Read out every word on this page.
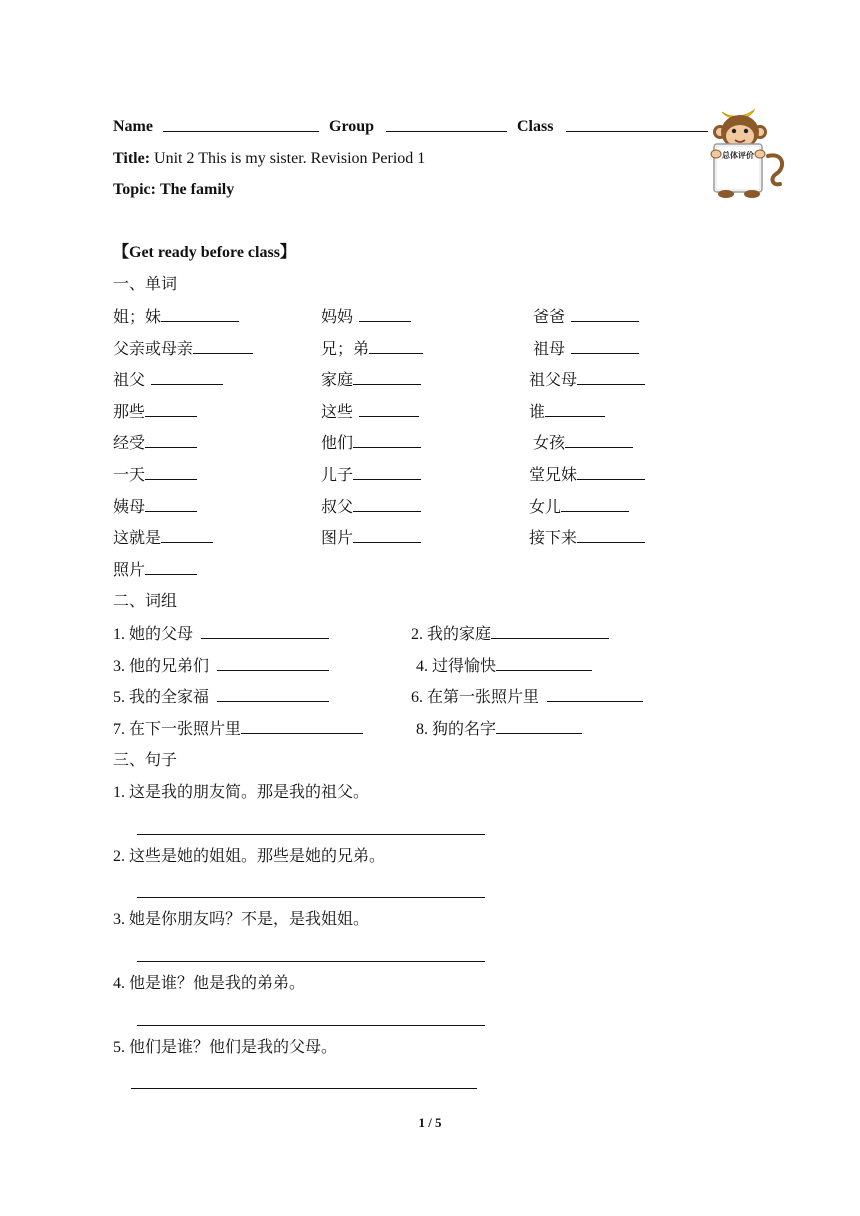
Name	Group	Class
Title: Unit 2 This is my sister. Revision Period 1
Topic: The family
总体评价
【Get ready before class】
一、单词
姐；妹	妈妈	爸爸
父亲或母亲	兄；弟	祖母
祖父	家庭	祖父母
那些	这些	谁
经受	他们	女孩
一天	儿子	堂兄妹
姨母	叔父	女儿
这就是	图片	接下来
照片
二、词组
1. 她的父母	2. 我的家庭
3. 他的兄弟们	4. 过得愉快
5. 我的全家福	6. 在第一张照片里
7. 在下一张照片里	8. 狗的名字
三、句子
1. 这是我的朋友简。那是我的祖父。
2. 这些是她的姐姐。那些是她的兄弟。
3. 她是你朋友吗？不是，是我姐姐。
4. 他是谁？他是我的弟弟。
5. 他们是谁？他们是我的父母。
1 / 5
